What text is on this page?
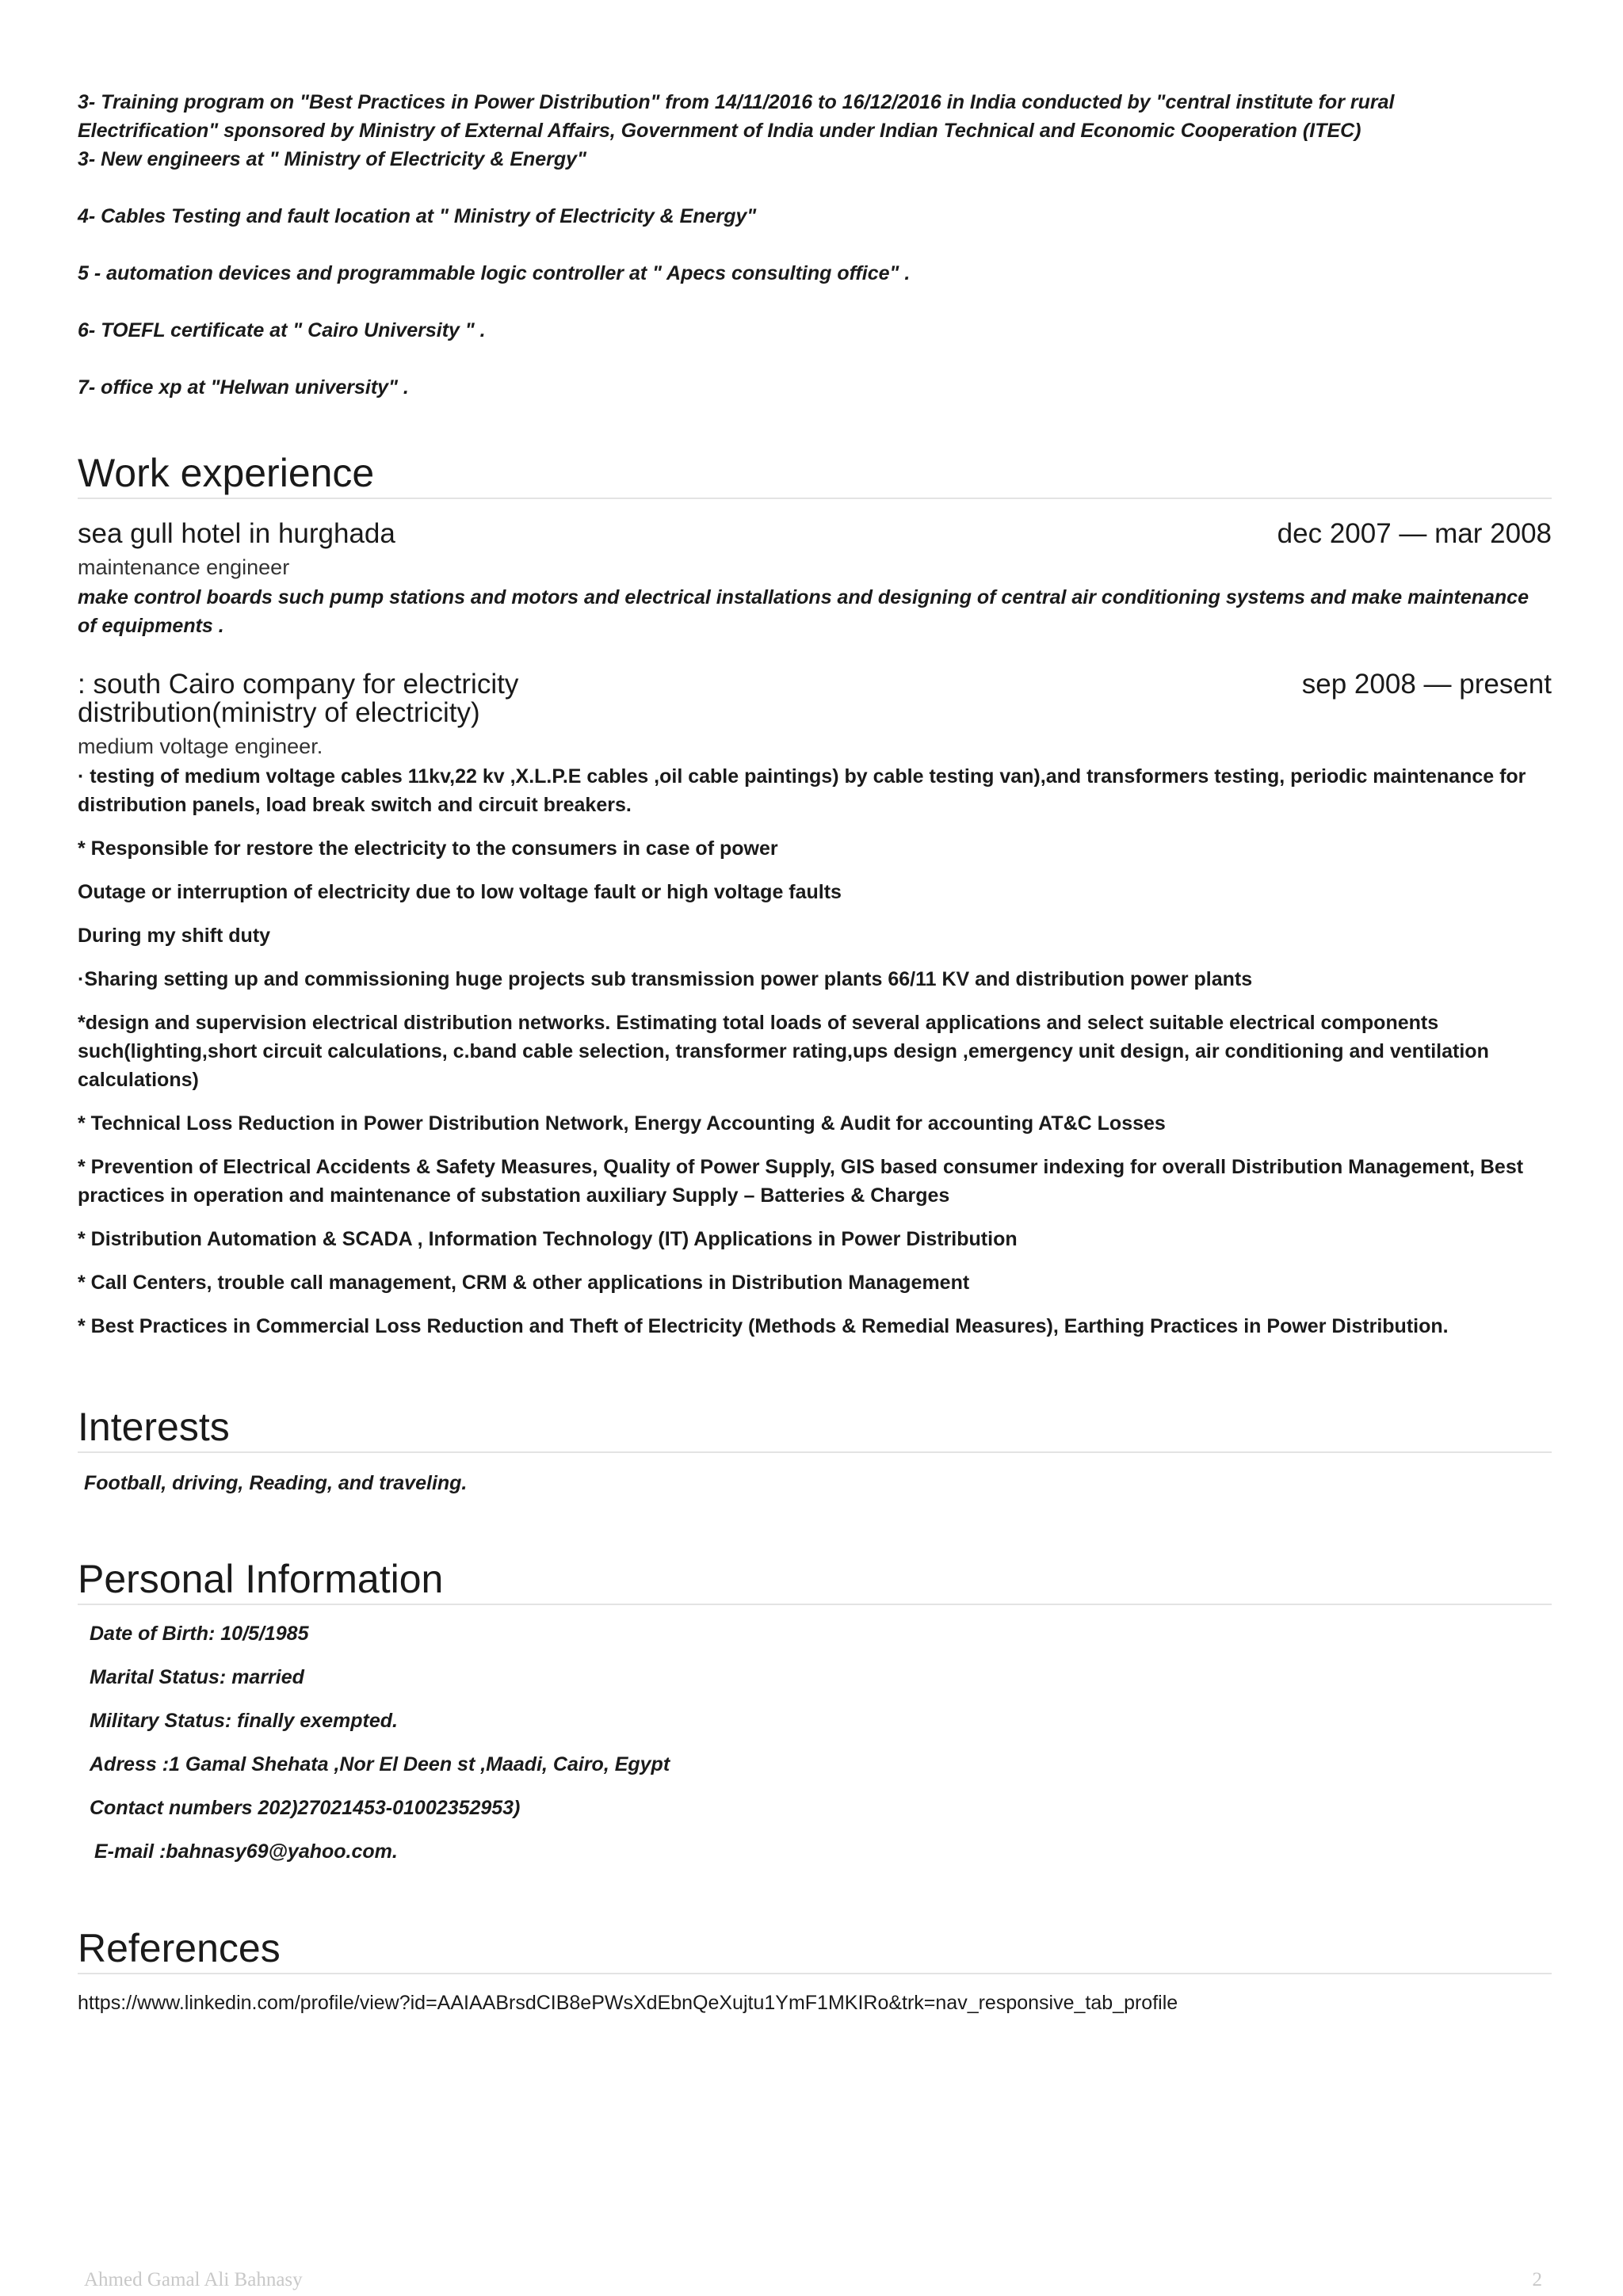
3- Training program on "Best Practices in Power Distribution" from 14/11/2016 to 16/12/2016 in India conducted by "central institute for rural

Electrification" sponsored by Ministry of External Affairs, Government of India under Indian Technical and Economic Cooperation (ITEC)

3- New engineers at " Ministry of Electricity & Energy"

4- Cables Testing and fault location at " Ministry of Electricity & Energy"

5 - automation devices and programmable logic controller at " Apecs consulting office" .

6- TOEFL certificate at " Cairo University " .

7- office xp at "Helwan university" .

Work experience
sea gull hotel in hurghada	dec 2007 — mar 2008
maintenance engineer

make control boards such pump stations and motors and electrical installations and designing of central air conditioning systems and make maintenance of equipments .

: south Cairo company for electricity
distribution(ministry of electricity)
sep 2008 — present
medium voltage engineer.

· testing of medium voltage cables 11kv,22 kv ,X.L.P.E cables ,oil cable paintings) by cable testing van),and transformers testing, periodic maintenance for distribution panels, load break switch and circuit breakers.

* Responsible for restore the electricity to the consumers in case of power

Outage or interruption of electricity due to low voltage fault or high voltage faults

During my shift duty

·Sharing setting up and commissioning huge projects sub transmission power plants 66/11 KV and distribution power plants

*design and supervision electrical distribution networks. Estimating total loads of several applications and select suitable electrical components such(lighting,short circuit calculations, c.band cable selection, transformer rating,ups design ,emergency unit design, air conditioning and ventilation calculations)

* Technical Loss Reduction in Power Distribution Network, Energy Accounting & Audit for accounting AT&C Losses

* Prevention of Electrical Accidents & Safety Measures, Quality of Power Supply, GIS based consumer indexing for overall Distribution Management, Best practices in operation and maintenance of substation auxiliary Supply – Batteries & Charges

* Distribution Automation & SCADA , Information Technology (IT) Applications in Power Distribution

* Call Centers, trouble call management, CRM & other applications in Distribution Management

* Best Practices in Commercial Loss Reduction and Theft of Electricity (Methods & Remedial Measures), Earthing Practices in Power Distribution.

Interests

Football, driving, Reading, and traveling.

Personal Information

Date of Birth: 10/5/1985

Marital Status: married

Military Status: finally exempted.

Adress :1 Gamal Shehata ,Nor El Deen st ,Maadi, Cairo, Egypt

Contact numbers 202)27021453-01002352953)

E-mail :bahnasy69@yahoo.com.

References
https://www.linkedin.com/profile/view?id=AAIAABrsdCIB8ePWsXdEbnQeXujtu1YmF1MKIRo&trk=nav_responsive_tab_profile
Ahmed Gamal Ali Bahnasy	2
